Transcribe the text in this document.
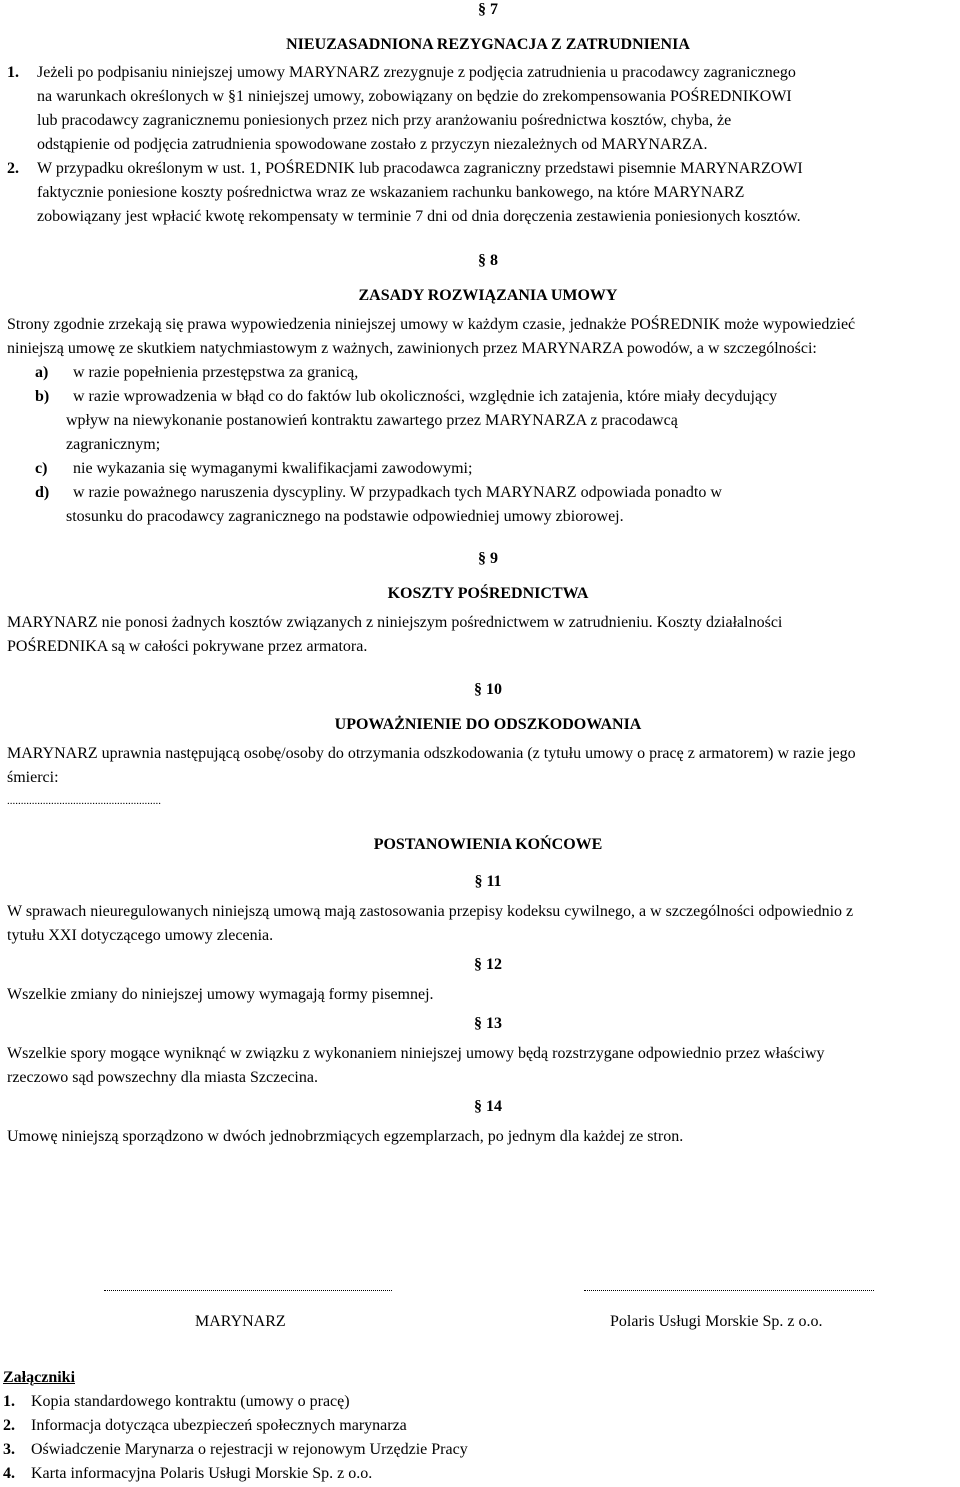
§ 7
NIEUZASADNIONA REZYGNACJA Z ZATRUDNIENIA
1.	Jeżeli po podpisaniu niniejszej umowy MARYNARZ zrezygnuje z podjęcia zatrudnienia u pracodawcy zagranicznego
na warunkach określonych w §1 niniejszej umowy, zobowiązany on będzie do zrekompensowania POŚREDNIKOWI
lub pracodawcy zagranicznemu poniesionych przez nich przy aranżowaniu pośrednictwa kosztów, chyba, że
odstąpienie od podjęcia zatrudnienia spowodowane zostało z przyczyn niezależnych od MARYNARZA.
2.	W przypadku określonym w ust. 1, POŚREDNIK lub pracodawca zagraniczny przedstawi pisemnie MARYNARZOWI
faktycznie poniesione koszty pośrednictwa wraz ze wskazaniem rachunku bankowego, na które MARYNARZ
zobowiązany jest wpłacić kwotę rekompensaty w terminie 7 dni od dnia doręczenia zestawienia poniesionych kosztów.
§ 8
ZASADY ROZWIĄZANIA UMOWY
Strony zgodnie zrzekają się prawa wypowiedzenia niniejszej umowy w każdym czasie, jednakże POŚREDNIK może wypowiedzieć
niniejszą umowę ze skutkiem natychmiastowym z ważnych, zawinionych przez MARYNARZA powodów, a w szczególności:
a) w razie popełnienia przestępstwa za granicą,
b) w razie wprowadzenia w błąd co do faktów lub okoliczności, względnie ich zatajenia, które miały decydujący
wpływ na niewykonanie postanowień kontraktu zawartego przez MARYNARZA z pracodawcą
zagranicznym;
c) nie wykazania się wymaganymi kwalifikacjami zawodowymi;
d) w razie poważnego naruszenia dyscypliny. W przypadkach tych MARYNARZ odpowiada ponadto w
stosunku do pracodawcy zagranicznego na podstawie odpowiedniej umowy zbiorowej.
§ 9
KOSZTY POŚREDNICTWA
MARYNARZ nie ponosi żadnych kosztów związanych z niniejszym pośrednictwem w zatrudnieniu. Koszty działalności
POŚREDNIKA są w całości pokrywane przez armatora.
§ 10
UPOWAŻNIENIE DO ODSZKODOWANIA
MARYNARZ uprawnia następującą osobę/osoby do otrzymania odszkodowania (z tytułu umowy o pracę z armatorem) w razie jego
śmierci:
........................................................
POSTANOWIENIA KOŃCOWE
§ 11
W sprawach nieuregulowanych niniejszą umową mają zastosowania przepisy kodeksu cywilnego, a w szczególności odpowiednio z
tytułu XXI dotyczącego umowy zlecenia.
§ 12
Wszelkie zmiany do niniejszej umowy wymagają formy pisemnej.
§ 13
Wszelkie spory mogące wyniknąć w związku z wykonaniem niniejszej umowy będą rozstrzygane odpowiednio przez właściwy
rzeczowo sąd powszechny dla miasta Szczecina.
§ 14
Umowę niniejszą sporządzono w dwóch jednobrzmiących egzemplarzach, po jednym dla każdej ze stron.
MARYNARZ	Polaris Usługi Morskie Sp. z o.o.
Załączniki
1. Kopia standardowego kontraktu (umowy o pracę)
2. Informacja dotycząca ubezpieczeń społecznych marynarza
3. Oświadczenie Marynarza o rejestracji w rejonowym Urzędzie Pracy
4. Karta informacyjna Polaris Usługi Morskie Sp. z o.o.
